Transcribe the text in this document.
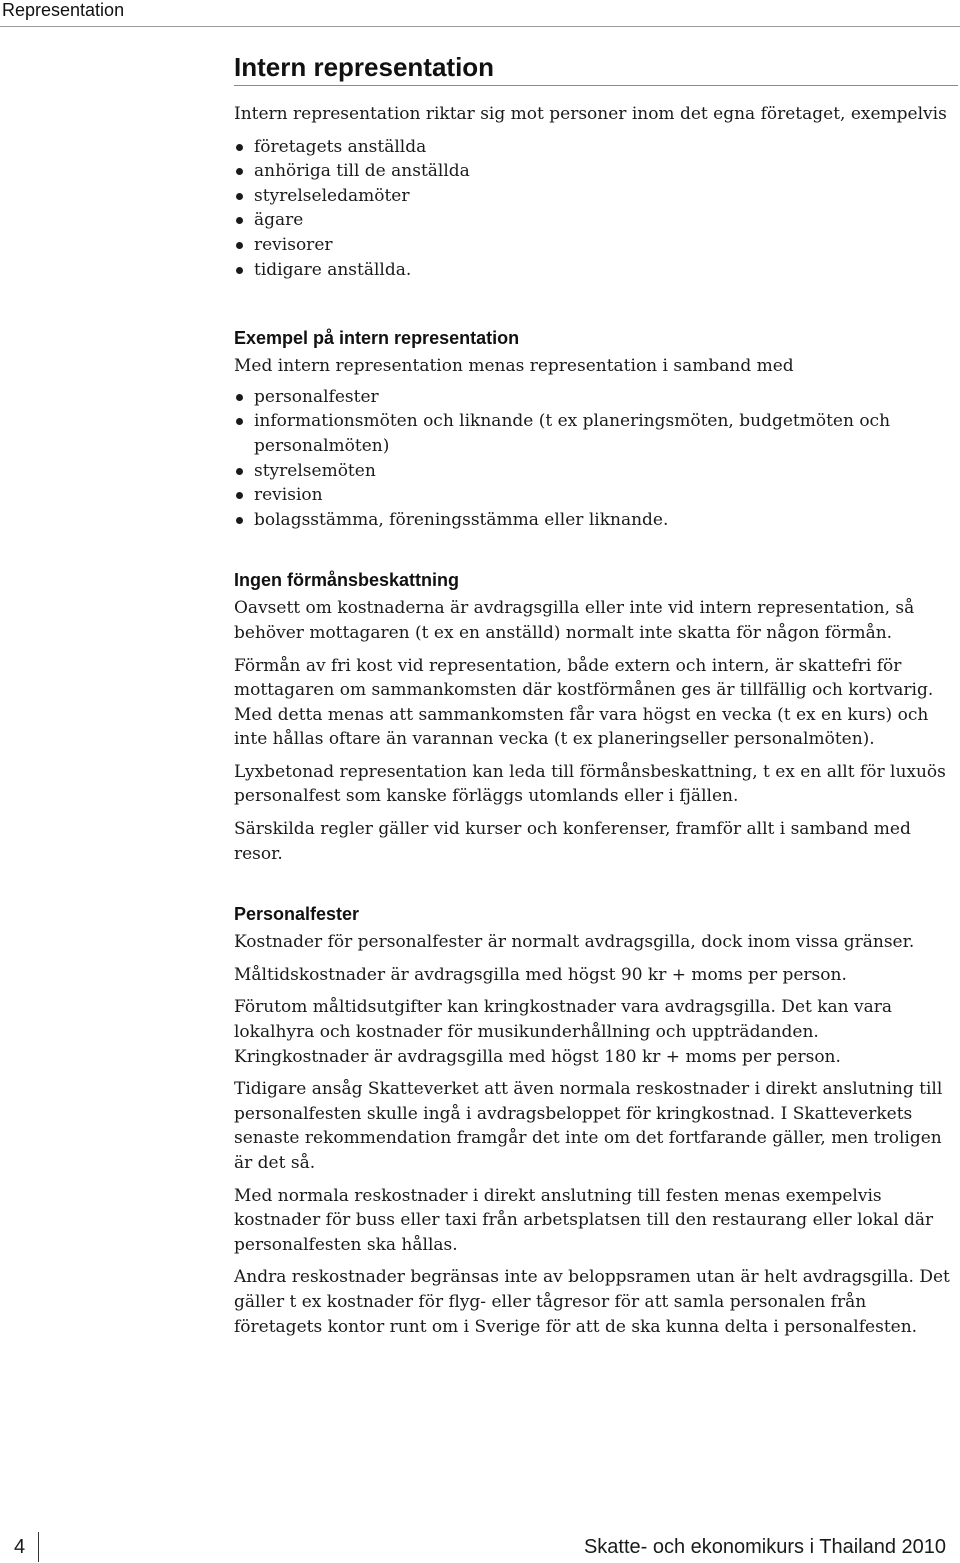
Representation
Intern representation

Intern representation riktar sig mot personer inom det egna företaget, exempelvis

företagets anställda
anhöriga till de anställda
styrelseledamöter
ägare
revisorer
tidigare anställda.
Exempel på intern representation

Med intern representation menas representation i samband med

personalfester
informationsmöten och liknande (t ex planeringsmöten, budgetmöten och personalmöten)
styrelsemöten
revision
bolagsstämma, föreningsstämma eller liknande.
Ingen förmånsbeskattning

Oavsett om kostnaderna är avdragsgilla eller inte vid intern representation, så behöver mottagaren (t ex en anställd) normalt inte skatta för någon förmån.

Förmån av fri kost vid representation, både extern och intern, är skattefri för mottagaren om sammankomsten där kostförmånen ges är tillfällig och kortvarig. Med detta menas att sammankomsten får vara högst en vecka (t ex en kurs) och inte hållas oftare än varannan vecka (t ex planeringseller personalmöten).

Lyxbetonad representation kan leda till förmånsbeskattning, t ex en allt för luxuös personalfest som kanske förläggs utomlands eller i fjällen.

Särskilda regler gäller vid kurser och konferenser, framför allt i samband med resor.

Personalfester

Kostnader för personalfester är normalt avdragsgilla, dock inom vissa gränser.

Måltidskostnader är avdragsgilla med högst 90 kr + moms per person.

Förutom måltidsutgifter kan kringkostnader vara avdragsgilla. Det kan vara lokalhyra och kostnader för musikunderhållning och uppträdanden. Kringkostnader är avdragsgilla med högst 180 kr + moms per person.

Tidigare ansåg Skatteverket att även normala reskostnader i direkt anslutning till personalfesten skulle ingå i avdragsbeloppet för kringkostnad. I Skatteverkets senaste rekommendation framgår det inte om det fortfarande gäller, men troligen är det så.

Med normala reskostnader i direkt anslutning till festen menas exempelvis kostnader för buss eller taxi från arbetsplatsen till den restaurang eller lokal där personalfesten ska hållas.

Andra reskostnader begränsas inte av beloppsramen utan är helt avdragsgilla. Det gäller t ex kostnader för flyg- eller tågresor för att samla personalen från företagets kontor runt om i Sverige för att de ska kunna delta i personalfesten.

4	Skatte- och ekonomikurs i Thailand 2010
